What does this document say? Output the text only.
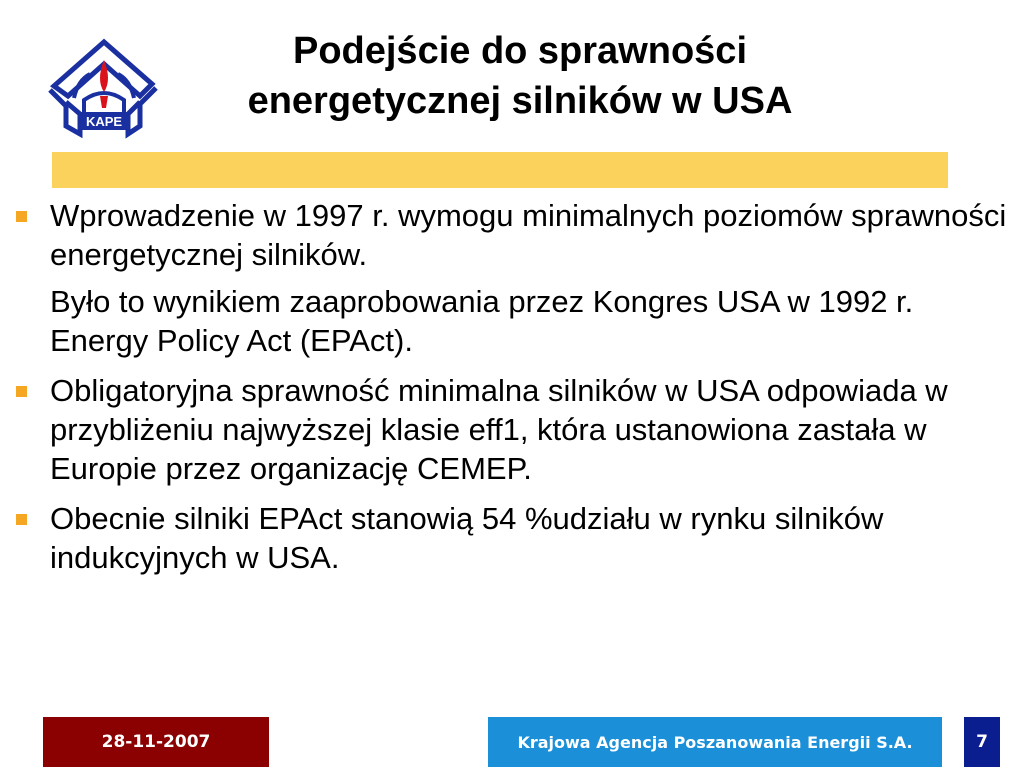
KAPE
Podejście do sprawności
energetycznej silników w USA
Wprowadzenie w 1997 r. wymogu minimalnych poziomów sprawności energetycznej silników.
Było to wynikiem zaaprobowania przez Kongres USA w 1992 r. Energy Policy Act (EPAct).
Obligatoryjna sprawność minimalna silników w USA odpowiada w przybliżeniu najwyższej klasie eff1, która ustanowiona zastała w Europie przez organizację CEMEP.
Obecnie silniki EPAct stanowią 54 %udziału w rynku silników indukcyjnych w USA.
28-11-2007	Krajowa Agencja Poszanowania Energii S.A.	7
